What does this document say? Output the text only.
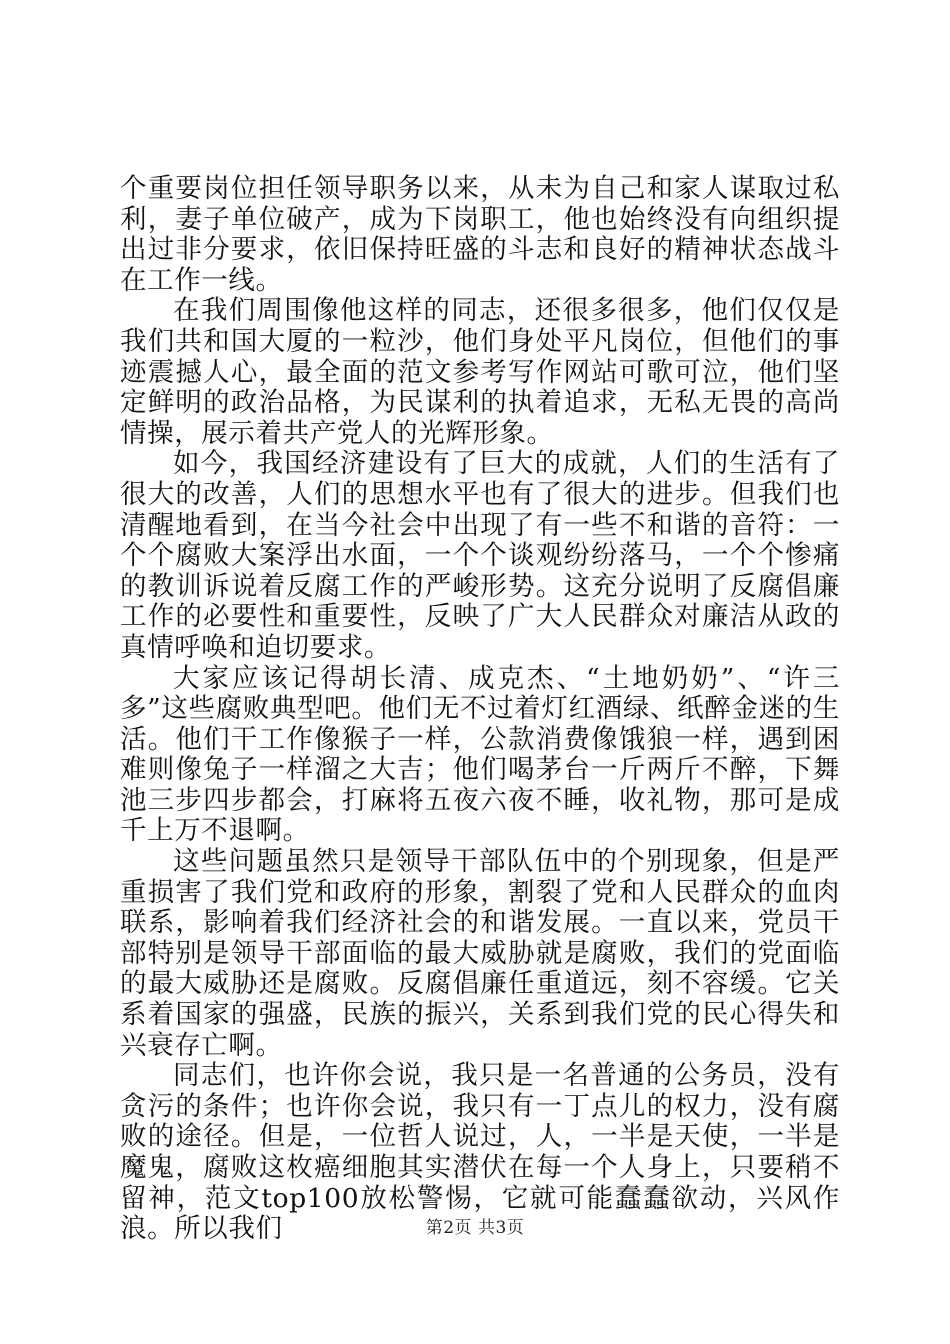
个重要岗位担任领导职务以来，从未为自己和家人谋取过私利，妻子单位破产，成为下岗职工，他也始终没有向组织提出过非分要求，依旧保持旺盛的斗志和良好的精神状态战斗在工作一线。

在我们周围像他这样的同志，还很多很多，他们仅仅是我们共和国大厦的一粒沙，他们身处平凡岗位，但他们的事迹震撼人心，最全面的范文参考写作网站可歌可泣，他们坚定鲜明的政治品格，为民谋利的执着追求，无私无畏的高尚情操，展示着共产党人的光辉形象。

如今，我国经济建设有了巨大的成就，人们的生活有了很大的改善，人们的思想水平也有了很大的进步。但我们也清醒地看到，在当今社会中出现了有一些不和谐的音符：一个个腐败大案浮出水面，一个个谈观纷纷落马，一个个惨痛的教训诉说着反腐工作的严峻形势。这充分说明了反腐倡廉工作的必要性和重要性，反映了广大人民群众对廉洁从政的真情呼唤和迫切要求。

大家应该记得胡长清、成克杰、“土地奶奶”、“许三多”这些腐败典型吧。他们无不过着灯红酒绿、纸醉金迷的生活。他们干工作像猴子一样，公款消费像饿狼一样，遇到困难则像兔子一样溜之大吉；他们喝茅台一斤两斤不醉，下舞池三步四步都会，打麻将五夜六夜不睡，收礼物，那可是成千上万不退啊。

这些问题虽然只是领导干部队伍中的个别现象，但是严重损害了我们党和政府的形象，割裂了党和人民群众的血肉联系，影响着我们经济社会的和谐发展。一直以来，党员干部特别是领导干部面临的最大威胁就是腐败，我们的党面临的最大威胁还是腐败。反腐倡廉任重道远，刻不容缓。它关系着国家的强盛，民族的振兴，关系到我们党的民心得失和兴衰存亡啊。

同志们，也许你会说，我只是一名普通的公务员，没有贪污的条件；也许你会说，我只有一丁点儿的权力，没有腐败的途径。但是，一位哲人说过，人，一半是天使，一半是魔鬼，腐败这枚癌细胞其实潜伏在每一个人身上，只要稍不留神，范文top100放松警惕，它就可能蠢蠢欲动，兴风作浪。所以我们	第2页 共3页
